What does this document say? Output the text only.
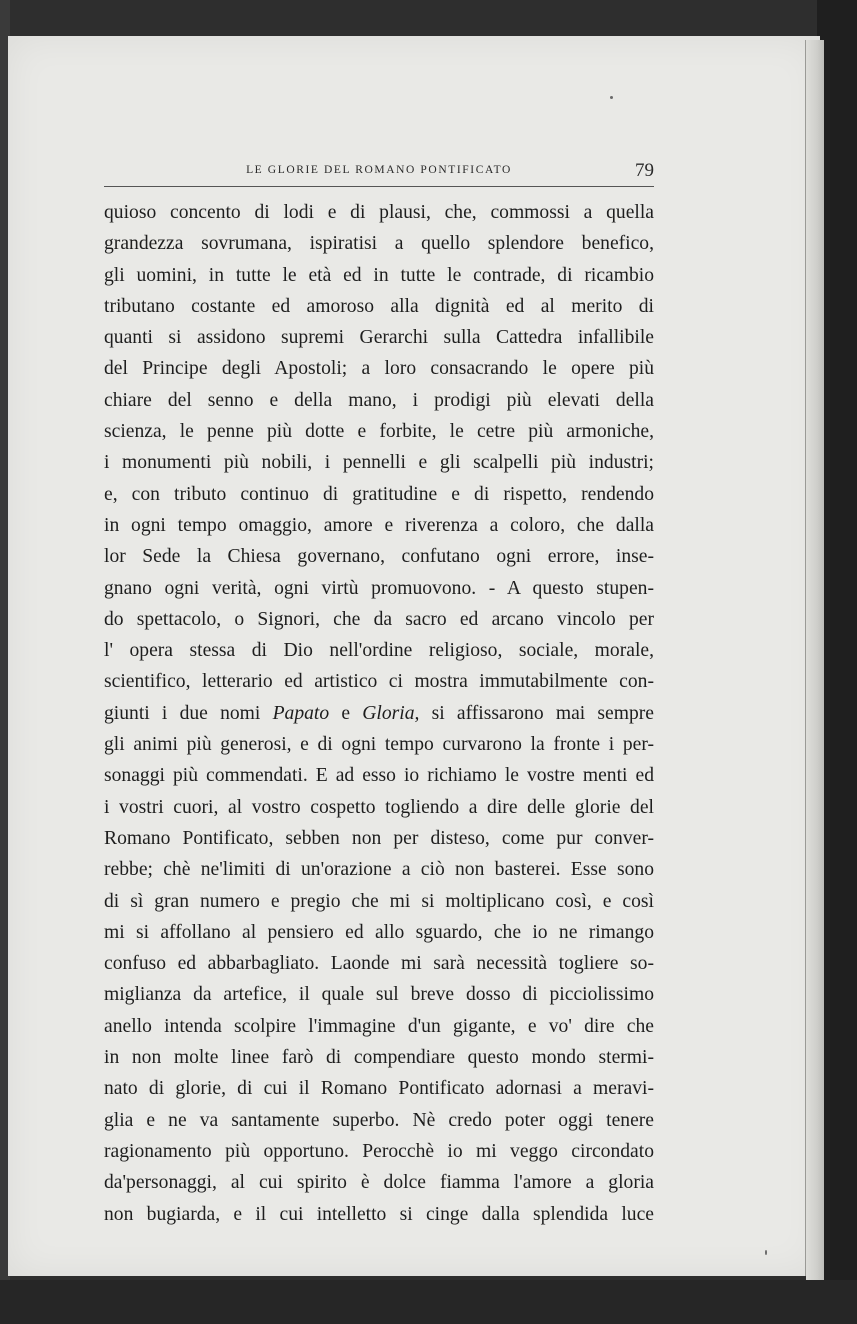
LE GLORIE DEL ROMANO PONTIFICATO	79
quioso concento di lodi e di plausi, che, commossi a quella
grandezza sovrumana, ispiratisi a quello splendore benefico,
gli uomini, in tutte le età ed in tutte le contrade, di ricambio
tributano costante ed amoroso alla dignità ed al merito di
quanti si assidono supremi Gerarchi sulla Cattedra infallibile
del Principe degli Apostoli; a loro consacrando le opere più
chiare del senno e della mano, i prodigi più elevati della
scienza, le penne più dotte e forbite, le cetre più armoniche,
i monumenti più nobili, i pennelli e gli scalpelli più industri;
e, con tributo continuo di gratitudine e di rispetto, rendendo
in ogni tempo omaggio, amore e riverenza a coloro, che dalla
lor Sede la Chiesa governano, confutano ogni errore, inse-
gnano ogni verità, ogni virtù promuovono. - A questo stupen-
do spettacolo, o Signori, che da sacro ed arcano vincolo per
l' opera stessa di Dio nell'ordine religioso, sociale, morale,
scientifico, letterario ed artistico ci mostra immutabilmente con-
giunti i due nomi Papato e Gloria, si affissarono mai sempre
gli animi più generosi, e di ogni tempo curvarono la fronte i per-
sonaggi più commendati. E ad esso io richiamo le vostre menti ed
i vostri cuori, al vostro cospetto togliendo a dire delle glorie del
Romano Pontificato, sebben non per disteso, come pur conver-
rebbe; chè ne'limiti di un'orazione a ciò non basterei. Esse sono
di sì gran numero e pregio che mi si moltiplicano così, e così
mi si affollano al pensiero ed allo sguardo, che io ne rimango
confuso ed abbarbagliato. Laonde mi sarà necessità togliere so-
miglianza da artefice, il quale sul breve dosso di picciolissimo
anello intenda scolpire l'immagine d'un gigante, e vo' dire che
in non molte linee farò di compendiare questo mondo stermi-
nato di glorie, di cui il Romano Pontificato adornasi a meravi-
glia e ne va santamente superbo. Nè credo poter oggi tenere
ragionamento più opportuno. Perocchè io mi veggo circondato
da'personaggi, al cui spirito è dolce fiamma l'amore a gloria
non bugiarda, e il cui intelletto si cinge dalla splendida luce
